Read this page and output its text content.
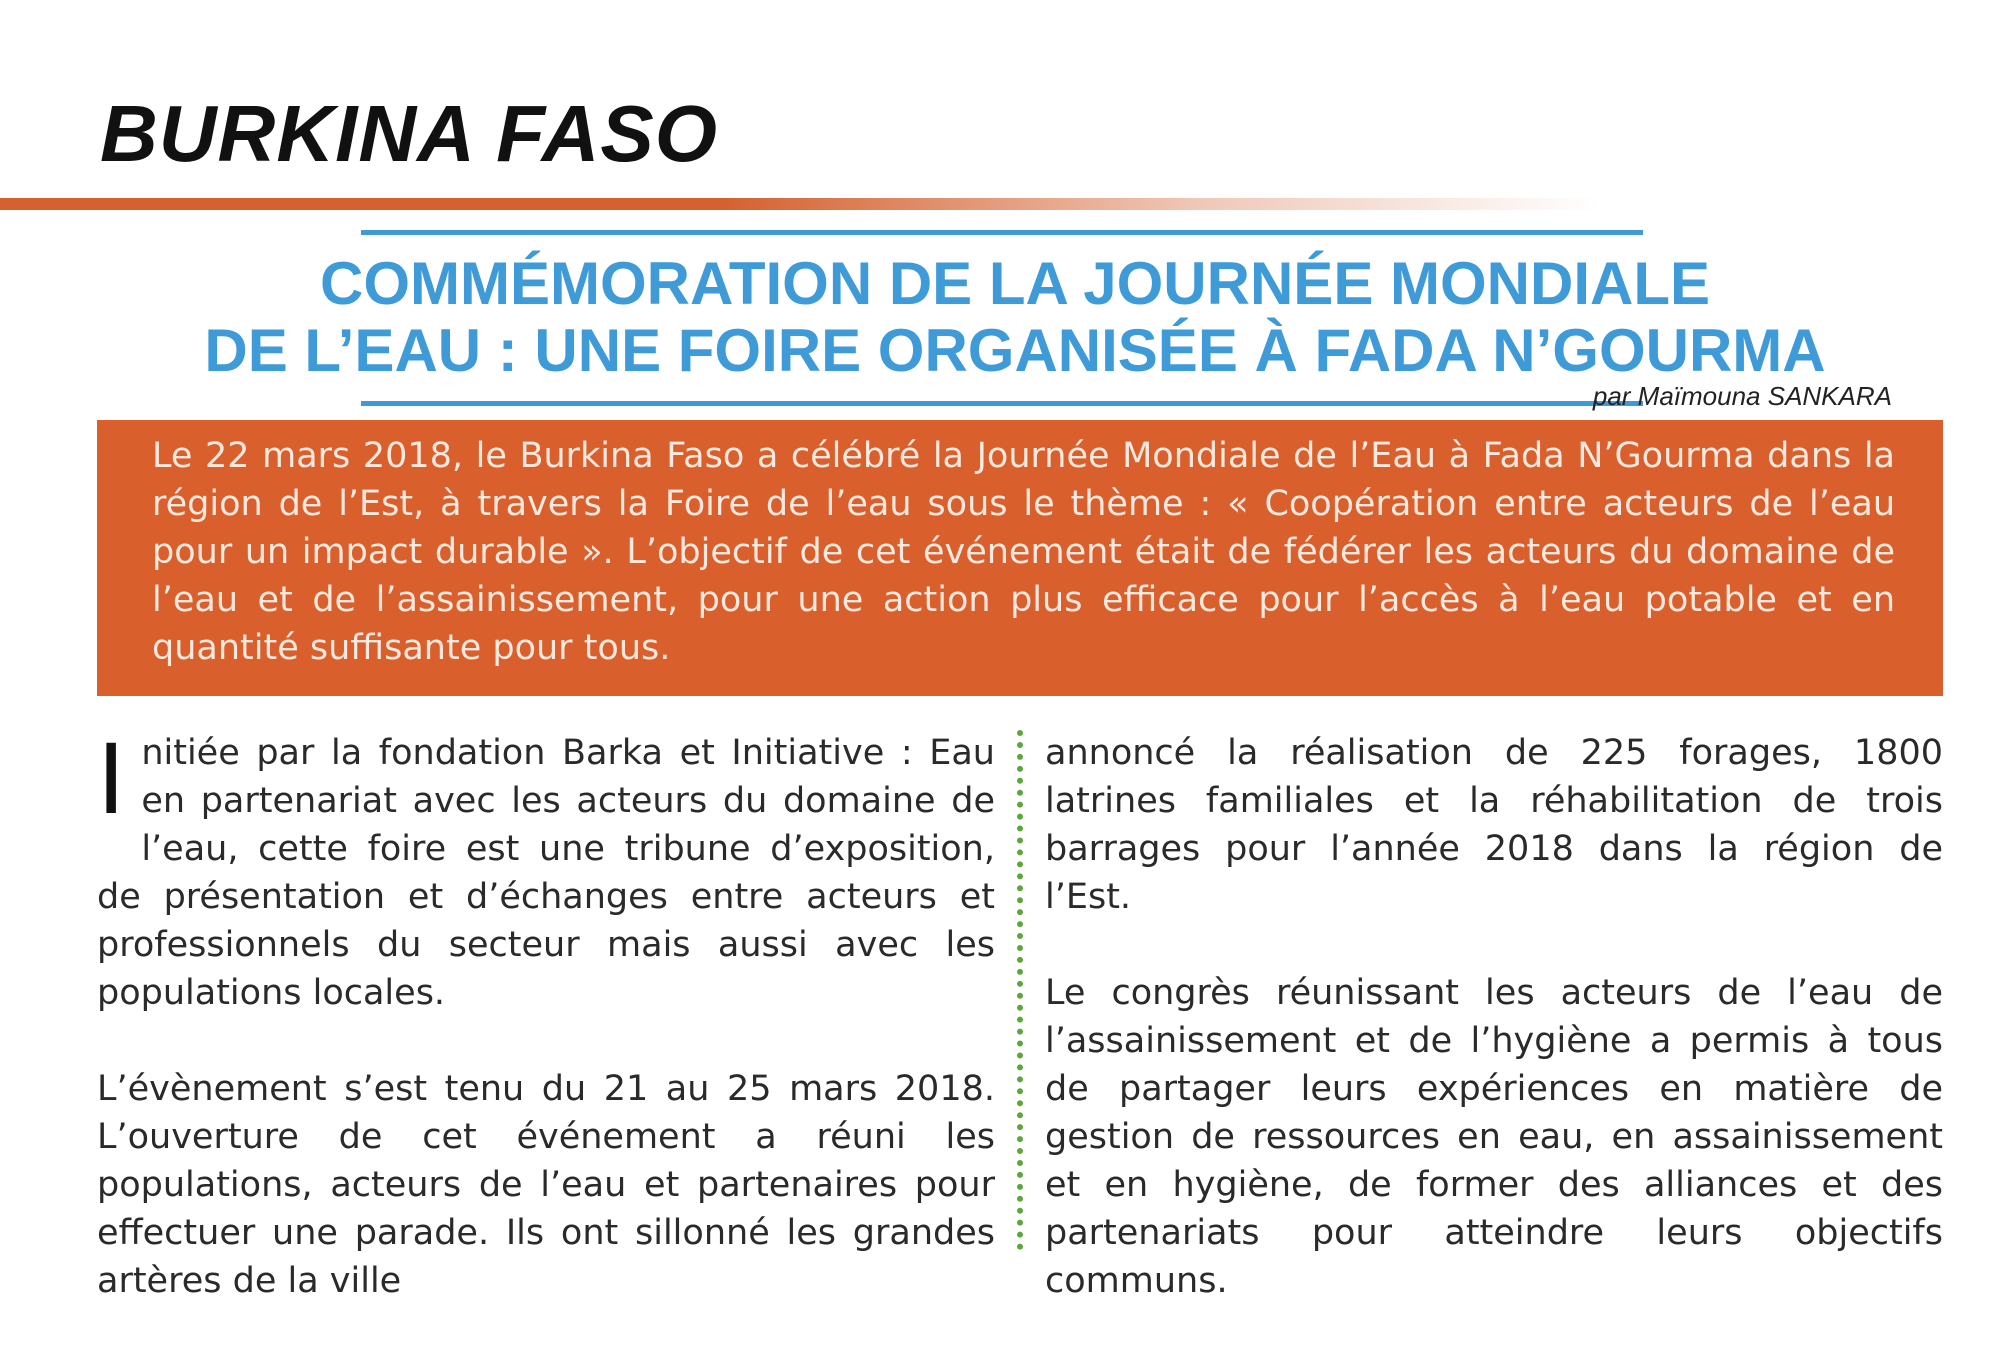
BURKINA FASO
COMMÉMORATION DE LA JOURNÉE MONDIALE
DE L’EAU : UNE FOIRE ORGANISÉE À FADA N’GOURMA
par Maïmouna SANKARA

Le 22 mars 2018, le Burkina Faso a célébré la Journée Mondiale de l’Eau à Fada N’Gourma dans la région de l’Est, à travers la Foire de l’eau sous le thème : « Coopération entre acteurs de l’eau pour un impact durable ». L’objectif de cet événement était de fédérer les acteurs du domaine de l’eau et de l’assainissement, pour une action plus efficace pour l’accès à l’eau potable et en quantité suffisante pour tous.

Initiée par la fondation Barka et Initiative : Eau en partenariat avec les acteurs du domaine de l’eau, cette foire est une tribune d’exposition, de présentation et d’échanges entre acteurs et professionnels du secteur mais aussi avec les populations locales.

L’évènement s’est tenu du 21 au 25 mars 2018. L’ouverture de cet événement a réuni les populations, acteurs de l’eau et partenaires pour effectuer une parade. Ils ont sillonné les grandes artères de la ville

annoncé la réalisation de 225 forages, 1800 latrines familiales et la réhabilitation de trois barrages pour l’année 2018 dans la région de l’Est.

Le congrès réunissant les acteurs de l’eau de l’assainissement et de l’hygiène a permis à tous de partager leurs expériences en matière de gestion de ressources en eau, en assainissement et en hygiène, de former des alliances et des partenariats pour atteindre leurs objectifs communs.
